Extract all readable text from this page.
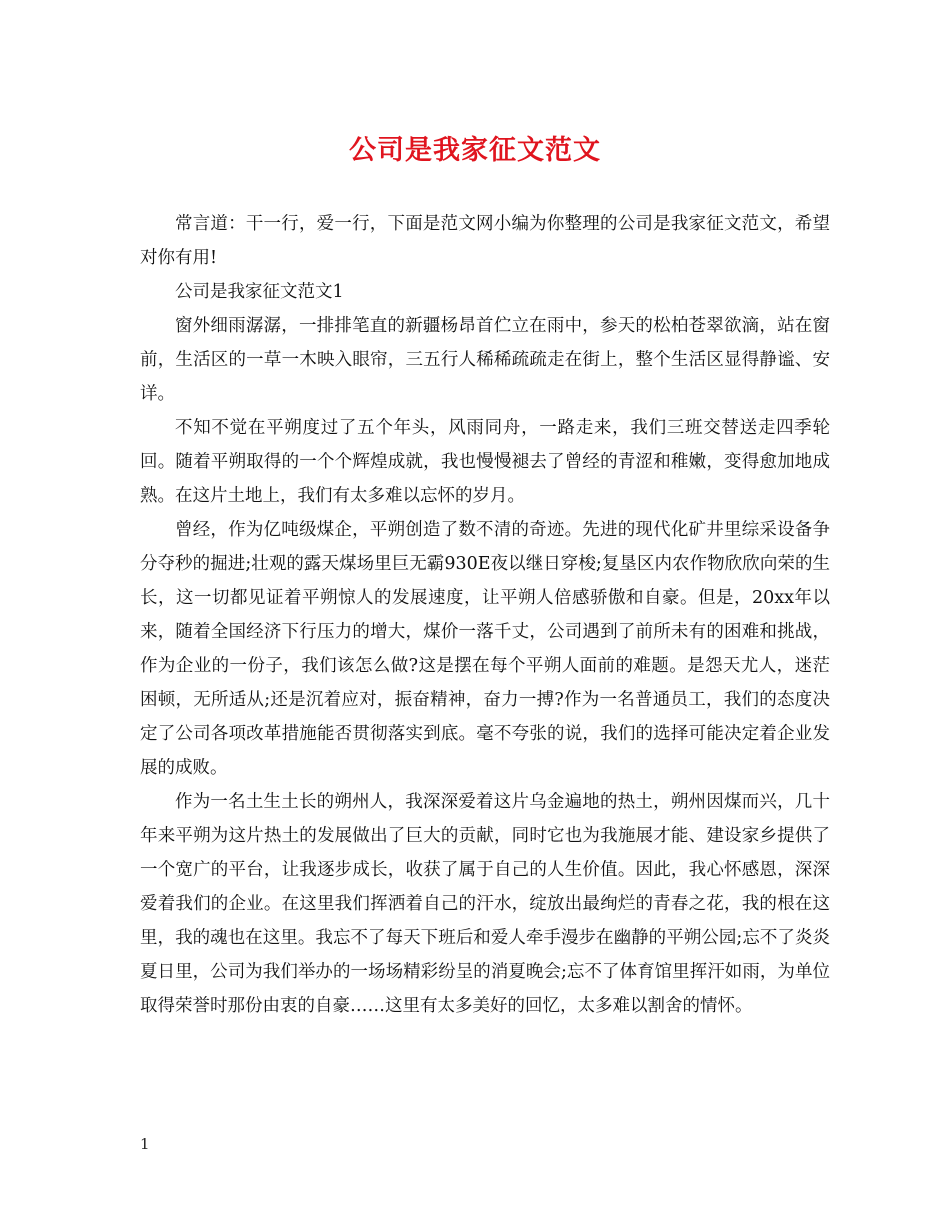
公司是我家征文范文

常言道：干一行，爱一行，下面是范文网小编为你整理的公司是我家征文范文，希望对你有用!

公司是我家征文范文1

窗外细雨潺潺，一排排笔直的新疆杨昂首伫立在雨中，参天的松柏苍翠欲滴，站在窗前，生活区的一草一木映入眼帘，三五行人稀稀疏疏走在街上，整个生活区显得静谧、安详。

不知不觉在平朔度过了五个年头，风雨同舟，一路走来，我们三班交替送走四季轮回。随着平朔取得的一个个辉煌成就，我也慢慢褪去了曾经的青涩和稚嫩，变得愈加地成熟。在这片土地上，我们有太多难以忘怀的岁月。

曾经，作为亿吨级煤企，平朔创造了数不清的奇迹。先进的现代化矿井里综采设备争分夺秒的掘进;壮观的露天煤场里巨无霸930E夜以继日穿梭;复垦区内农作物欣欣向荣的生长，这一切都见证着平朔惊人的发展速度，让平朔人倍感骄傲和自豪。但是，20xx年以来，随着全国经济下行压力的增大，煤价一落千丈，公司遇到了前所未有的困难和挑战，作为企业的一份子，我们该怎么做?这是摆在每个平朔人面前的难题。是怨天尤人，迷茫困顿，无所适从;还是沉着应对，振奋精神，奋力一搏?作为一名普通员工，我们的态度决定了公司各项改革措施能否贯彻落实到底。毫不夸张的说，我们的选择可能决定着企业发展的成败。

作为一名土生土长的朔州人，我深深爱着这片乌金遍地的热土，朔州因煤而兴，几十年来平朔为这片热土的发展做出了巨大的贡献，同时它也为我施展才能、建设家乡提供了一个宽广的平台，让我逐步成长，收获了属于自己的人生价值。因此，我心怀感恩，深深爱着我们的企业。在这里我们挥洒着自己的汗水，绽放出最绚烂的青春之花，我的根在这里，我的魂也在这里。我忘不了每天下班后和爱人牵手漫步在幽静的平朔公园;忘不了炎炎夏日里，公司为我们举办的一场场精彩纷呈的消夏晚会;忘不了体育馆里挥汗如雨，为单位取得荣誉时那份由衷的自豪……这里有太多美好的回忆，太多难以割舍的情怀。

1
